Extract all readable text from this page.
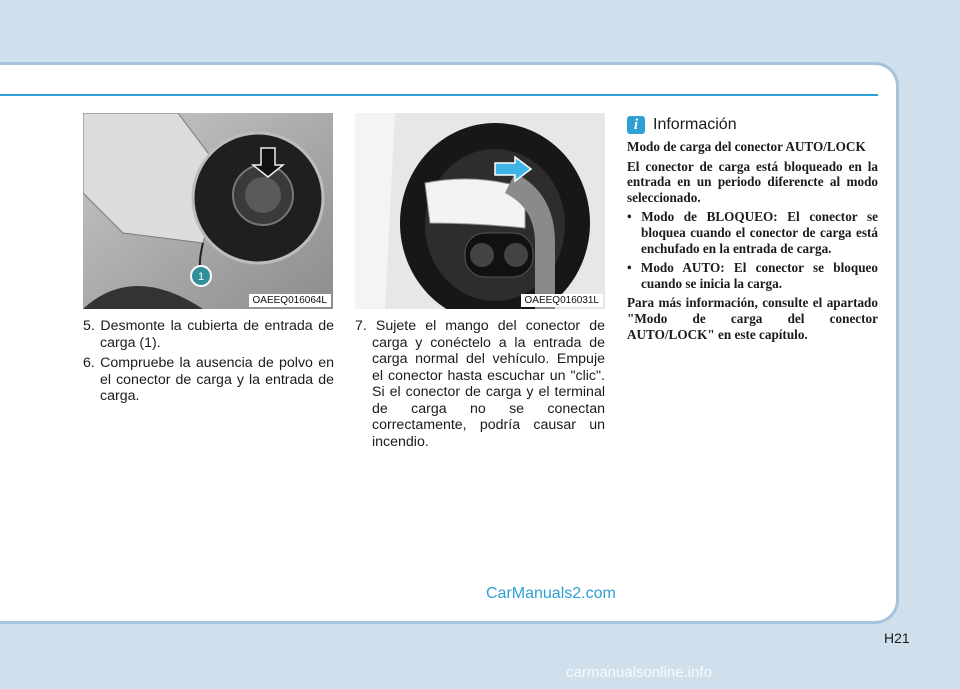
1
OAEEQ016064L	OAEEQ016031L
5. Desmonte la cubierta de entrada de carga (1).
6. Compruebe la ausencia de polvo en el conector de carga y la entrada de carga.
7. Sujete el mango del conector de carga y conéctelo a la entrada de carga normal del vehículo. Empuje el conector hasta escuchar un "clic". Si el conector de carga y el terminal de carga no se conectan correctamente, podría causar un incendio.
i Información

Modo de carga del conector AUTO/LOCK

El conector de carga está bloqueado en la entrada en un periodo diferencte al modo seleccionado.

• Modo de BLOQUEO: El conector se bloquea cuando el conector de carga está enchufado en la entrada de carga.
• Modo AUTO: El conector se bloqueo cuando se inicia la carga.

Para más información, consulte el apartado "Modo de carga del conector AUTO/LOCK" en este capítulo.

CarManuals2.com
H21
carmanualsonline.info
